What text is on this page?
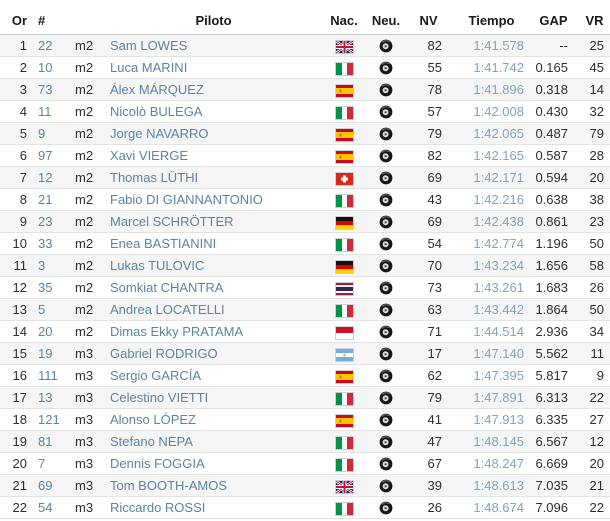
Or	#		Piloto	Nac.	Neu.	NV	Tiempo	GAP	VR
1	22	m2	Sam LOWES			82	1:41.578	--	25
2	10	m2	Luca MARINI			55	1:41.742	0.165	45
3	73	m2	Álex MÁRQUEZ			78	1:41.896	0.318	14
4	11	m2	Nicolò BULEGA			57	1:42.008	0.430	32
5	9	m2	Jorge NAVARRO			79	1:42.065	0.487	79
6	97	m2	Xavi VIERGE			82	1:42.165	0.587	28
7	12	m2	Thomas LÜTHI			69	1:42.171	0.594	20
8	21	m2	Fabio DI GIANNANTONIO			43	1:42.216	0.638	38
9	23	m2	Marcel SCHRÖTTER			69	1:42.438	0.861	23
10	33	m2	Enea BASTIANINI			54	1:42.774	1.196	50
11	3	m2	Lukas TULOVIC			70	1:43.234	1.656	58
12	35	m2	Somkiat CHANTRA			73	1:43.261	1.683	26
13	5	m2	Andrea LOCATELLI			63	1:43.442	1.864	50
14	20	m2	Dimas Ekky PRATAMA			71	1:44.514	2.936	34
15	19	m3	Gabriel RODRIGO			17	1:47.140	5.562	11
16	111	m3	Sergio GARCÍA			62	1:47.395	5.817	9
17	13	m3	Celestino VIETTI			79	1:47.891	6.313	22
18	121	m3	Alonso LÓPEZ			41	1:47.913	6.335	27
19	81	m3	Stefano NEPA			47	1:48.145	6.567	12
20	7	m3	Dennis FOGGIA			67	1:48.247	6.669	20
21	69	m3	Tom BOOTH-AMOS			39	1:48.613	7.035	21
22	54	m3	Riccardo ROSSI			26	1:48.674	7.096	22
